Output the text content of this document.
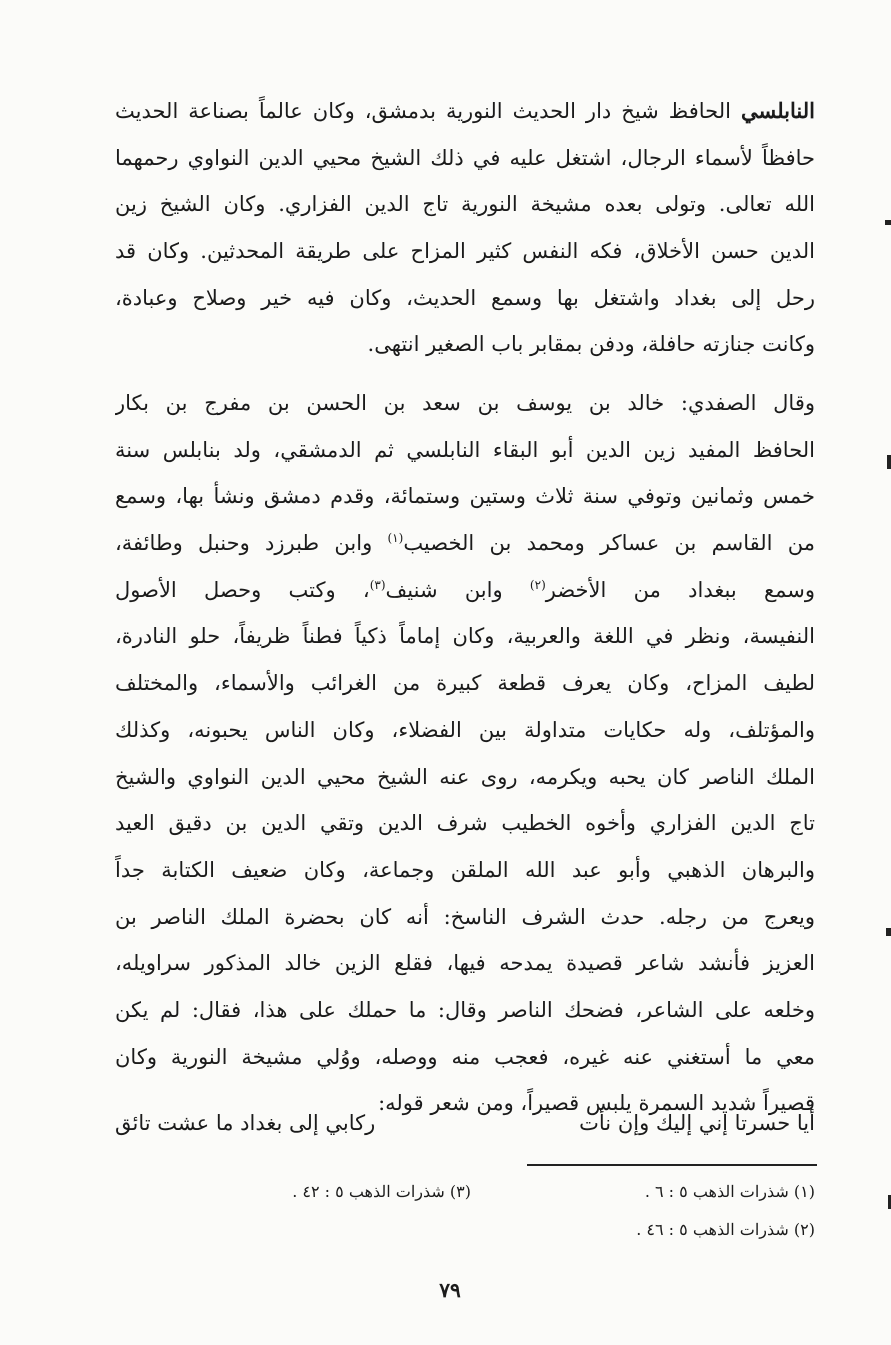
النابلسي الحافظ شيخ دار الحديث النورية بدمشق، وكان عالماً بصناعة الحديث
حافظاً لأسماء الرجال، اشتغل عليه في ذلك الشيخ محيي الدين النواوي رحمهما
الله تعالى. وتولى بعده مشيخة النورية تاج الدين الفزاري. وكان الشيخ زين
الدين حسن الأخلاق، فكه النفس كثير المزاح على طريقة المحدثين. وكان قد
رحل إلى بغداد واشتغل بها وسمع الحديث، وكان فيه خير وصلاح وعبادة،
وكانت جنازته حافلة، ودفن بمقابر باب الصغير انتهى.

وقال الصفدي: خالد بن يوسف بن سعد بن الحسن بن مفرج بن بكار
الحافظ المفيد زين الدين أبو البقاء النابلسي ثم الدمشقي، ولد بنابلس سنة
خمس وثمانين وتوفي سنة ثلاث وستين وستمائة، وقدم دمشق ونشأ بها، وسمع
من القاسم بن عساكر ومحمد بن الخصيب$^{(١)}$ وابن طبرزد وحنبل وطائفة،
وسمع ببغداد من الأخضر$^{(٢)}$ وابن شنيف$^{(٣)}$، وكتب وحصل الأصول
النفيسة، ونظر في اللغة والعربية، وكان إماماً ذكياً فطناً ظريفاً، حلو النادرة،
لطيف المزاح، وكان يعرف قطعة كبيرة من الغرائب والأسماء، والمختلف
والمؤتلف، وله حكايات متداولة بين الفضلاء، وكان الناس يحبونه، وكذلك
الملك الناصر كان يحبه ويكرمه، روى عنه الشيخ محيي الدين النواوي والشيخ
تاج الدين الفزاري وأخوه الخطيب شرف الدين وتقي الدين بن دقيق العيد
والبرهان الذهبي وأبو عبد الله الملقن وجماعة، وكان ضعيف الكتابة جداً
ويعرج من رجله. حدث الشرف الناسخ: أنه كان بحضرة الملك الناصر بن
العزيز فأنشد شاعر قصيدة يمدحه فيها، فقلع الزين خالد المذكور سراويله،
وخلعه على الشاعر، فضحك الناصر وقال: ما حملك على هذا، فقال: لم يكن
معي ما أستغني عنه غيره، فعجب منه ووصله، ووُلي مشيخة النورية وكان
قصيراً شديد السمرة يلبس قصيراً، ومن شعر قوله:

أيا حسرتا إني إليك وإن نأت
ركابي إلى بغداد ما عشت تائق
(١) شذرات الذهب ٥ : ٦ .
(٣) شذرات الذهب ٥ : ٤٢ .
(٢) شذرات الذهب ٥ : ٤٦ .
٧٩
